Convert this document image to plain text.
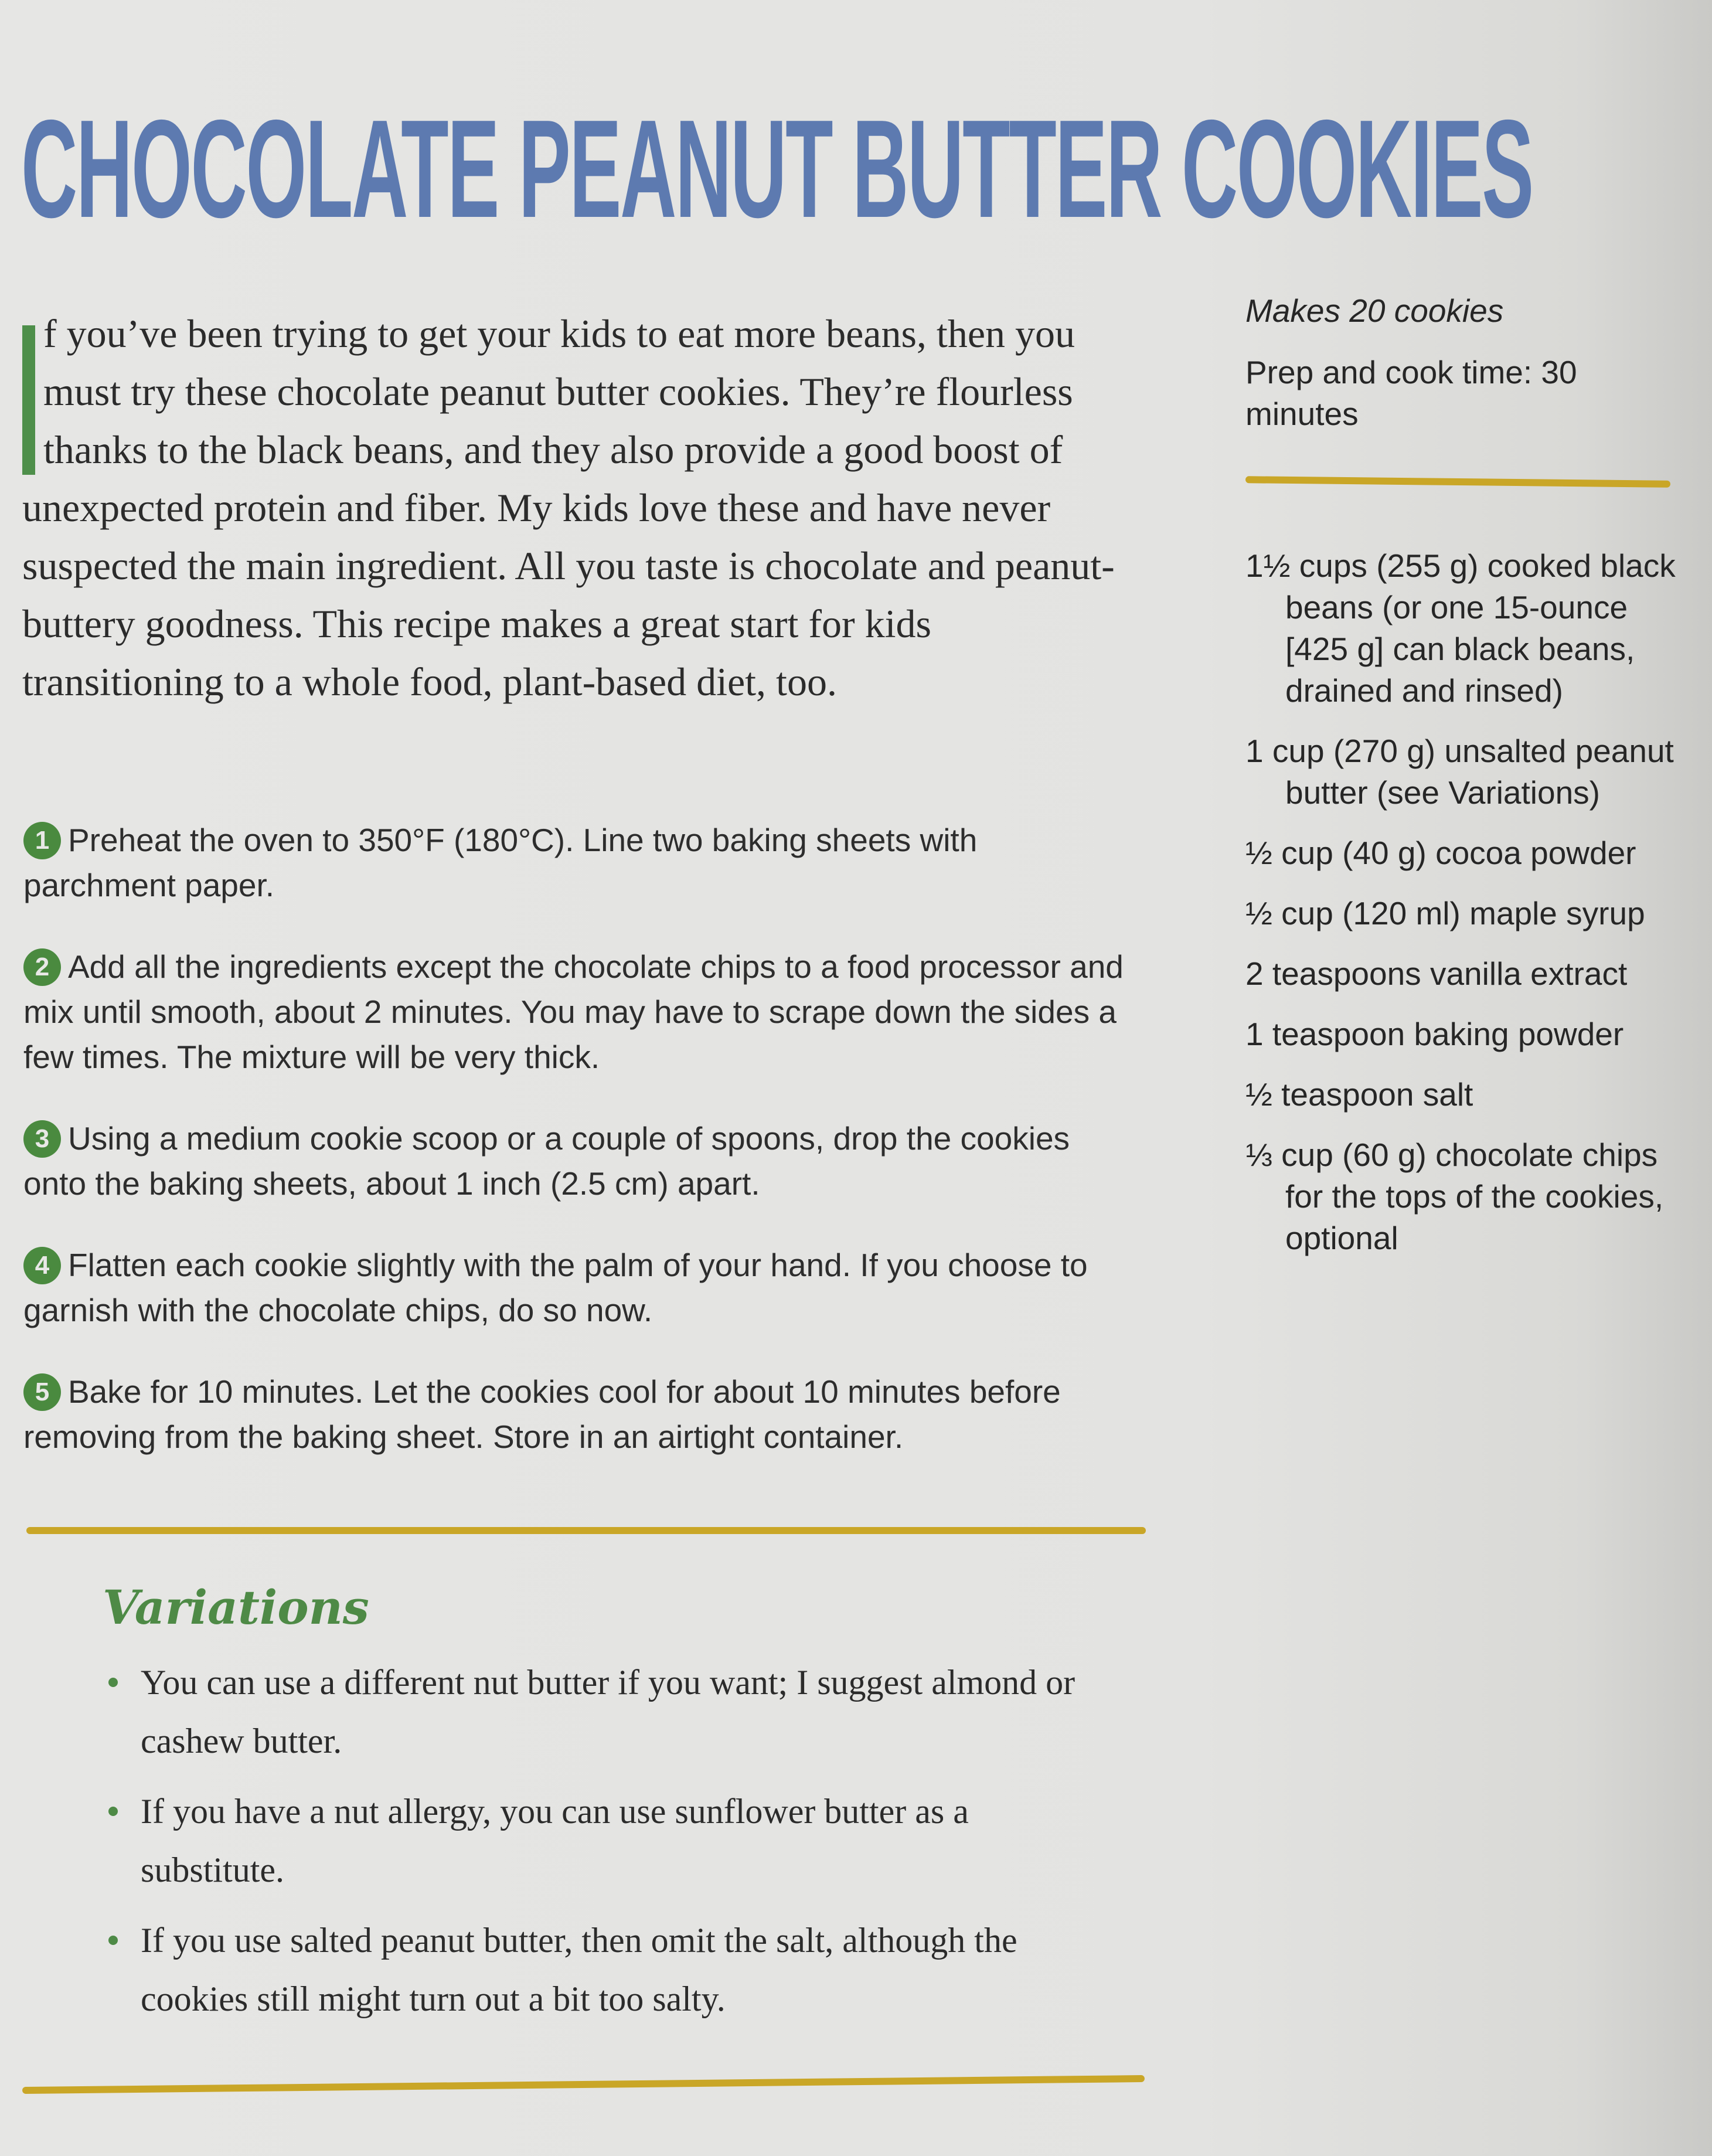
CHOCOLATE PEANUT BUTTER COOKIES
f you’ve been trying to get your kids to eat more beans, then you must try these chocolate peanut butter cookies. They’re flourless thanks to the black beans, and they also provide a good boost of unexpected protein and fiber. My kids love these and have never suspected the main ingredient. All you taste is chocolate and peanut-buttery goodness. This recipe makes a great start for kids transitioning to a whole food, plant-based diet, too.
1 Preheat the oven to 350°F (180°C). Line two baking sheets with parchment paper.
2 Add all the ingredients except the chocolate chips to a food processor and mix until smooth, about 2 minutes. You may have to scrape down the sides a few times. The mixture will be very thick.
3 Using a medium cookie scoop or a couple of spoons, drop the cookies onto the baking sheets, about 1 inch (2.5 cm) apart.
4 Flatten each cookie slightly with the palm of your hand. If you choose to garnish with the chocolate chips, do so now.
5 Bake for 10 minutes. Let the cookies cool for about 10 minutes before removing from the baking sheet. Store in an airtight container.
Makes 20 cookies
Prep and cook time: 30 minutes
1½ cups (255 g) cooked black beans (or one 15-ounce [425 g] can black beans, drained and rinsed)
1 cup (270 g) unsalted peanut butter (see Variations)
½ cup (40 g) cocoa powder
½ cup (120 ml) maple syrup
2 teaspoons vanilla extract
1 teaspoon baking powder
½ teaspoon salt
⅓ cup (60 g) chocolate chips for the tops of the cookies, optional
Variations
You can use a different nut butter if you want; I suggest almond or cashew butter.
If you have a nut allergy, you can use sunflower butter as a substitute.
If you use salted peanut butter, then omit the salt, although the cookies still might turn out a bit too salty.
